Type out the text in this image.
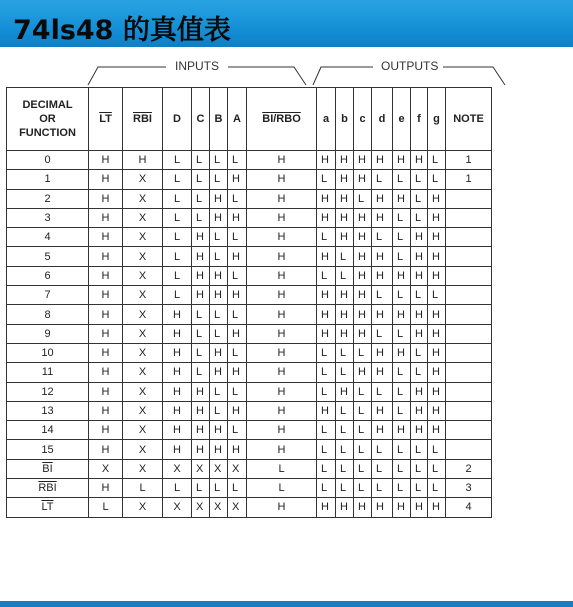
74ls48 的真值表
INPUTS	OUTPUTS
DECIMAL
OR
FUNCTION	$\overline{LT}$	$\overline{RBI}$	D	C	B	A	BI/RBO	a	b	c	d	e	f	g	NOTE
0	H	H	L	L	L	L	H	H	H	H	H	H	H	L	1
1	H	X	L	L	L	H	H	L	H	H	L	L	L	L	1
2	H	X	L	L	H	L	H	H	H	L	H	H	L	H	
3	H	X	L	L	H	H	H	H	H	H	H	L	L	H	
4	H	X	L	H	L	L	H	L	H	H	L	L	H	H	
5	H	X	L	H	L	H	H	H	L	H	H	L	H	H	
6	H	X	L	H	H	L	H	L	L	H	H	H	H	H	
7	H	X	L	H	H	H	H	H	H	H	L	L	L	L	
8	H	X	H	L	L	L	H	H	H	H	H	H	H	H	
9	H	X	H	L	L	H	H	H	H	H	L	L	H	H	
10	H	X	H	L	H	L	H	L	L	L	H	H	L	H	
11	H	X	H	L	H	H	H	L	L	H	H	L	L	H	
12	H	X	H	H	L	L	H	L	H	L	L	L	H	H	
13	H	X	H	H	L	H	H	H	L	L	H	L	H	H	
14	H	X	H	H	H	L	H	L	L	L	H	H	H	H	
15	H	X	H	H	H	H	H	L	L	L	L	L	L	L	
$\overline{BI}$	X	X	X	X	X	X	L	L	L	L	L	L	L	L	2
$\overline{RBI}$	H	L	L	L	L	L	L	L	L	L	L	L	L	L	3
$\overline{LT}$	L	X	X	X	X	X	H	H	H	H	H	H	H	H	4
